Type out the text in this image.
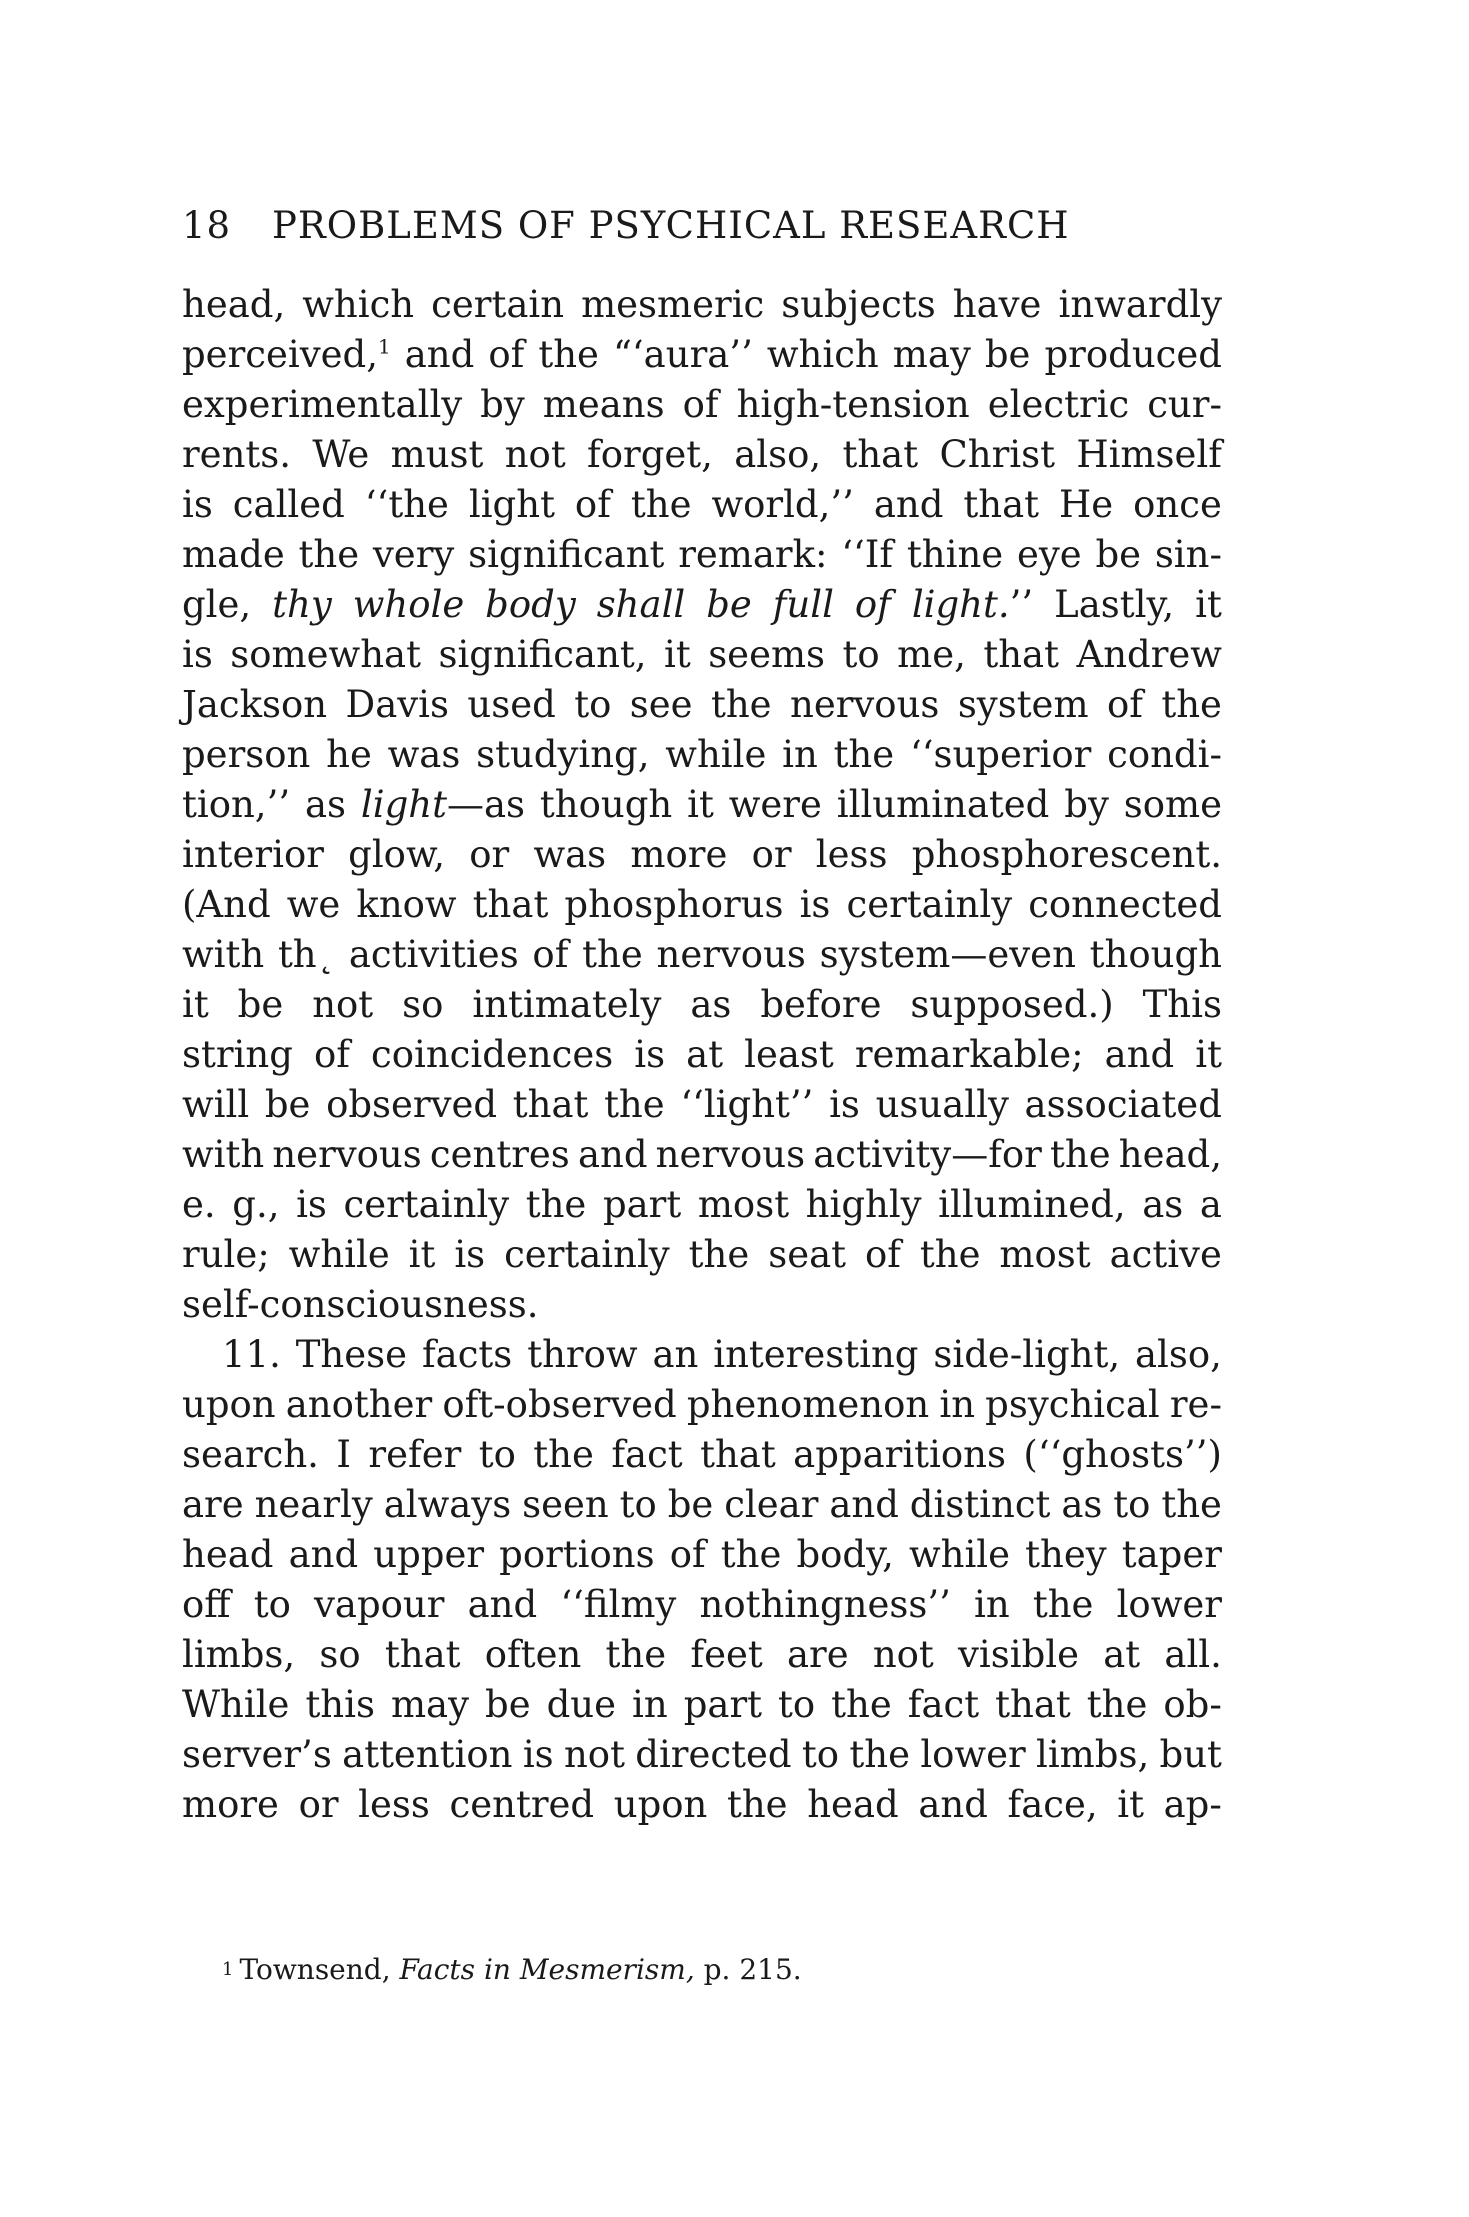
18 PROBLEMS OF PSYCHICAL RESEARCH
head, which certain mesmeric subjects have inwardly
perceived,$^1$ and of the “‘aura’’ which may be produced
experimentally by means of high-tension electric cur-
rents. We must not forget, also, that Christ Himself
is called ‘‘the light of the world,’’ and that He once
made the very significant remark: ‘‘If thine eye be sin-
gle, thy whole body shall be full of light.’’ Lastly, it
is somewhat significant, it seems to me, that Andrew
Jackson Davis used to see the nervous system of the
person he was studying, while in the ‘‘superior condi-
tion,’’ as light—as though it were illuminated by some
interior glow, or was more or less phosphorescent.
(And we know that phosphorus is certainly connected
with th˛ activities of the nervous system—even though
it be not so intimately as before supposed.) This
string of coincidences is at least remarkable; and it
will be observed that the ‘‘light’’ is usually associated
with nervous centres and nervous activity—for the head,
e. g., is certainly the part most highly illumined, as a
rule; while it is certainly the seat of the most active
self-consciousness.
11. These facts throw an interesting side-light, also,
upon another oft-observed phenomenon in psychical re-
search. I refer to the fact that apparitions (‘‘ghosts’’)
are nearly always seen to be clear and distinct as to the
head and upper portions of the body, while they taper
off to vapour and ‘‘filmy nothingness’’ in the lower
limbs, so that often the feet are not visible at all.
While this may be due in part to the fact that the ob-
server’s attention is not directed to the lower limbs, but
more or less centred upon the head and face, it ap-
1 Townsend, Facts in Mesmerism, p. 215.
